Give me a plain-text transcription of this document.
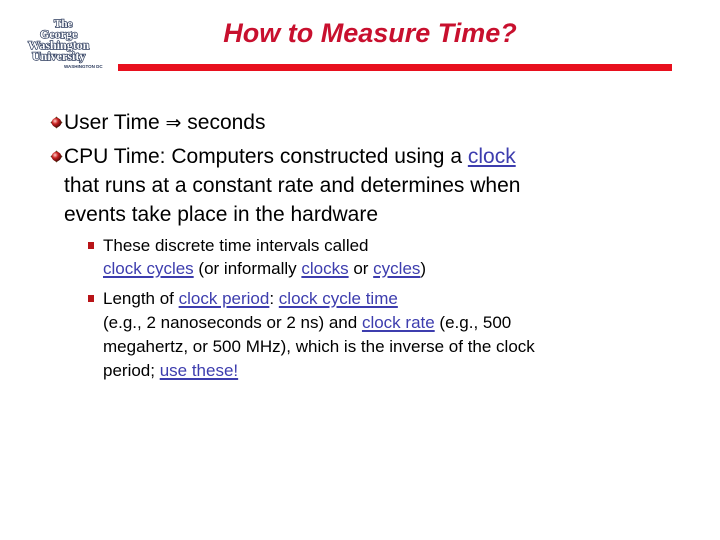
The
George
Washington
University
WASHINGTON DC
How to Measure Time?
User Time ⇒ seconds
CPU Time: Computers constructed using a clock
that runs at a constant rate and determines when
events take place in the hardware
These discrete time intervals called
clock cycles (or informally clocks or cycles)
Length of clock period: clock cycle time
(e.g., 2 nanoseconds or 2 ns) and clock rate (e.g., 500
megahertz, or 500 MHz), which is the inverse of the clock
period; use these!
